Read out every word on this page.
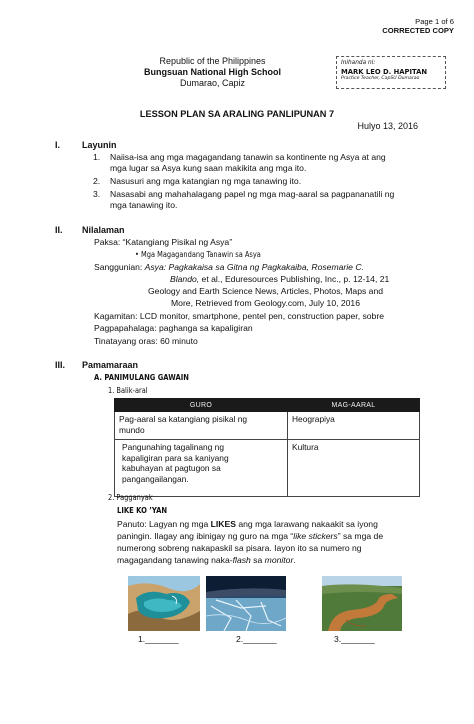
Page 1 of 6
CORRECTED COPY
Republic of the Philippines
Bungsuan National High School
Dumarao, Capiz
Inihanda ni:
MARK LEO D. HAPITAN
Practice Teacher, CapSU Dumarao
LESSON PLAN SA ARALING PANLIPUNAN 7
Hulyo 13, 2016
I. Layunin
1. Naiisa-isa ang mga magagandang tanawin sa kontinente ng Asya at ang
mga lugar sa Asya kung saan makikita ang mga ito.
2. Nasusuri ang mga katangian ng mga tanawing ito.
3. Nasasabi ang mahahalagang papel ng mga mag-aaral sa pagpananatili ng
mga tanawing ito.
II. Nilalaman
Paksa: “Katangiang Pisikal ng Asya”
• Mga Magagandang Tanawin sa Asya
Sanggunian: Asya: Pagkakaisa sa Gitna ng Pagkakaiba, Rosemarie C.
Blando, et al., Eduresources Publishing, Inc., p. 12-14, 21
Geology and Earth Science News, Articles, Photos, Maps and
More, Retrieved from Geology.com, July 10, 2016
Kagamitan: LCD monitor, smartphone, pentel pen, construction paper, sobre
Pagpapahalaga: paghanga sa kapaligiran
Tinatayang oras: 60 minuto
III. Pamamaraan
A. PANIMULANG GAWAIN
1. Balik-aral
GURO	MAG-AARAL

Pag-aaral sa katangiang pisikal ng
mundo	Heograpiya

Pangunahing tagalinang ng
kapaligiran para sa kaniyang
kabuhayan at pagtugon sa
pangangailangan.	Kultura
2. Pagganyak
LIKE KO ’YAN
Panuto: Lagyan ng mga LIKES ang mga larawang nakaakit sa iyong
paningin. Ilagay ang ibinigay ng guro na mga “like stickers” sa mga de
numerong sobreng nakapaskil sa pisara. Iayon ito sa numero ng
magagandang tanawing naka-flash sa monitor.
1._______	2._______	3._______
